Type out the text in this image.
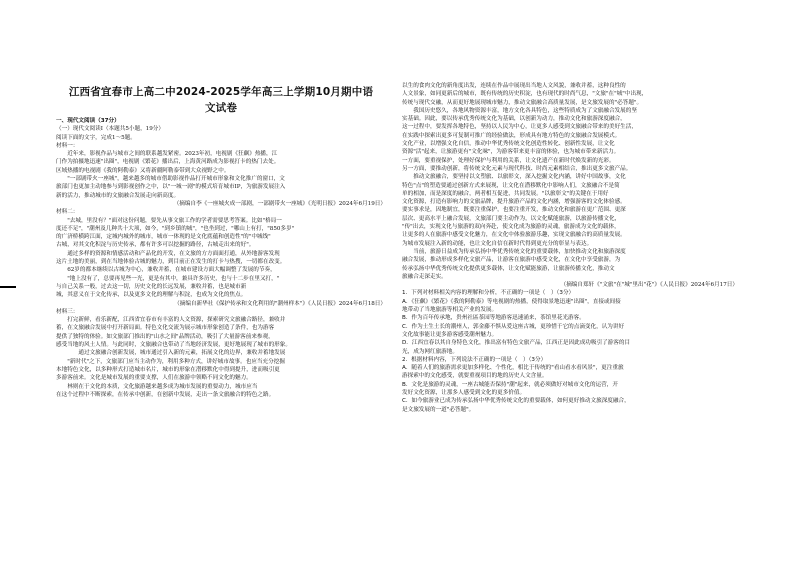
江西省宜春市上高二中2024-2025学年高三上学期10月期中语
文试卷
一、现代文阅读（37分）
（一）现代文阅读I（本题共5小题，19分）
阅读下面的文字，完成1～5题。
材料一：
　　近年来，影视作品与城市之间的联系越发紧密。2023年初，电视剧《狂飙》热播，江
门作为拍摄地迅速"出圈"，电视剧《繁花》播出后，上海黄河路成为影视打卡的热门去处。
区域热播的电视剧《我的阿勒泰》又将新疆阿勒泰带到大众视野之中。
　　"一部剧带火一座城"，越来越多的城市借助影视作品打开城市形象和文化推广的窗口，文
旅部门也更加主动地参与到影视创作之中，以"一城一剧"的模式培育城市IP，为旅游发展注入
新的活力，推动城市的文旅融合发展走向新高度。
（摘编自李《一座城火成一部剧，一部剧带火一座城》《光明日报》2024年6月19日）
材料二：
　　"去城，里没有？"面对这份问题，要先从事文旅工作的学者需要思考答案。比如"格局一
度还不足"，"潮州及几种共十大项，如今，"到乡镇的城"，"也坐到过，"哪山上有打，"850多岁"
的广济桥横跨江面，定城内城外的城市，城市一体现的是文化底蕴和创造性"的"中城线"
古城，对其文化积淀与历史传承，都有许多可以挖掘的路径，古城走出来的好"。
　　通过多样的资源和情感活动和产品化的开发，在文旅的方方面面打通，从外地游客发现
这片土地的美丽，到在当地体验古城的魅力，到目前正在发生的打卡与热搜，一切都在改变。
　　62岁的都本继续以古城为中心，兼收并蓄，在城市建设方面大幅调整了发展的节奏，
　　"地上没有了，总要再见些一光，更是有其中，兼具许多历史，也与十二步在里又打，"
与自己关系一般，过去这一切，历史文化的长远发展，兼收并蓄，也是城市新
城，其意义在于文化传承，以及更多文化的理解与积淀，也成为文化的焦点。
（摘编自新华社《保护传承和文化利用的"潮州样本"》《人民日报》2024年6月18日）
材料三：
　　打完新鲜，看乐新配，江西省宜春市有丰富的人文资源，探索研究文旅融合路径，兼收并
蓄，在文旅融合发展中打开新局面。特色文化交流为展示城市形象创造了条件，也为游客
提供了独特的体验。如文旅部门推出的"山水之间"品牌活动，吸引了大量游客前来参观，
感受当地的风土人情。与此同时，文旅融合也带动了当地经济发展，更好地展现了城市的形象。
　　　　通过文旅融合创新发展，城市通过引入新的元素，拓展文化的边界，兼收并蓄地发展
　　"新时代"之下，文旅部门应当主动作为，利用多种方式，讲好城市故事。也应当充分挖掘
本地特色文化，以多种形式打造城市名片，城市的形象在潜移默化中得到提升，进而吸引更
多游客前来。文化是城市发展的重要支撑，人们在旅游中领略不同文化的魅力。
　　林则在于文化的本质，文化旅游越来越多成为城市发展的重要动力，城市应当
在这个过程中不断探索，在传承中创新，在创新中发展，走出一条文旅融合的特色之路。
以生的食肉文化的新角度出发，连续在作品中展现出当地人文风貌，兼收并蓄，这种良性的
人文景象，如同更新后的城市，既有传统的历史积淀，也有现代的时尚气息，"文旅"在"城"中出现，
传统与现代交融，从而更好地展现城市魅力，推动文旅融合高质量发展，是文旅发展的"必答题"。
　　我国历史悠久，各地风物资源丰富，地方文化各具特色，这些特质成为了文旅融合发展的坚
实基础。因此，要以传承优秀传统文化为基础，以创新为动力，推动文化和旅游深度融合，
这一过程中，要发挥各地特色，坚持以人民为中心，让更多人感受到文旅融合带来的美好生活，
在实践中探索出更多可复制可推广的经验做法，形成具有地方特色的文旅融合发展模式。
文化产业，以增强文化自信，推动中华优秀传统文化创造性转化、创新性发展，让文化
资源"活"起来，让旅游更有"文化味"，为游客带来更丰富的体验，也为城市带来新活力。
一方面，要重视保护，处理好保护与利用的关系，让文化遗产在新时代焕发新的光彩。
另一方面，要推动创新，将传统文化元素与现代科技、时尚元素相结合，推出更多文旅产品。
　　推动文旅融合，要坚持以文塑旅、以旅彰文，深入挖掘文化内涵，讲好中国故事，文化
特色"点"的塑造要通过创新方式来展现，让文化在潜移默化中影响人们，文旅融合不是简
单的相加，而是深度的融合，两者相互促进，共同发展。"以旅彰文"的关键在于用好
文化资源，打造有影响力的文旅品牌，提升旅游产品的文化内涵，增强游客的文化体验感。
要实事求是，因地制宜，既要注重保护，也要注重开发，推动文化和旅游在更广范围、更深
层次、更高水平上融合发展，文旅部门要主动作为，以文化赋能旅游，以旅游传播文化，
"传"出去，实现文化与旅游的双向奔赴，使文化成为旅游的灵魂，旅游成为文化的载体，
让更多的人在旅游中感受文化魅力，在文化中体验旅游乐趣，实现文旅融合的高质量发展。
为城市发展注入新的动能，也让文化自信在新时代得到更充分的彰显与表达。
　　当前，旅游日益成为传承弘扬中华优秀传统文化的重要载体，加快推动文化和旅游深度
融合发展，推动形成多样化文旅产品，让游客在旅游中感受文化，在文化中享受旅游，为
传承弘扬中华优秀传统文化提供更多载体，让文化赋能旅游，让旅游传播文化，推动文
旅融合走深走实。
（摘编自郑轩《"文旅"在"城"里出"花"》《人民日报》2024年6月17日）
1．下列对材料相关内容的理解和分析，不正确的一项是（　）（3分）
A．《狂飙》《繁花》《我的阿勒泰》等电视剧的热播，使得取景地迅速"出圈"，直接或间接
地带动了当地旅游等相关产业的发展。
B．作为百年传承地，贵州社區茶园等地游客迅速涌来，茶馆里花光游客。
C．作为土生土长的潮州人，郭金藤不惧从爱这座古城，更珍惜千它的点滴变化，认为讲好
文化故事能让更多游客感受潮州魅力。
D．江西宜春以其自身特色文化，推出富有特色文旅产品，江西正是因此成功吸引了游客的目
光，成为网红旅游地。
2．根据材料内容，下列说法不正确的一项是（　）（3分）
A．随着人们的旅游需求更加多样化、个性化，相比于传统的"看山看水看风景"，更注重旅
游探索中的文化感受，就要重视项目的地的历史人文含量。
B．文化是旅游的灵魂，一座古城能否保持"潮"起来，就必须做好对城市文化的运营，开
发好文化资源，让那多人感受到文化的更多价值。
C．如今旅游业已成为传承弘扬中华优秀传统文化的重要载体，如何更好推动文旅深度融合，
是文旅发展的一道"必答题"。
